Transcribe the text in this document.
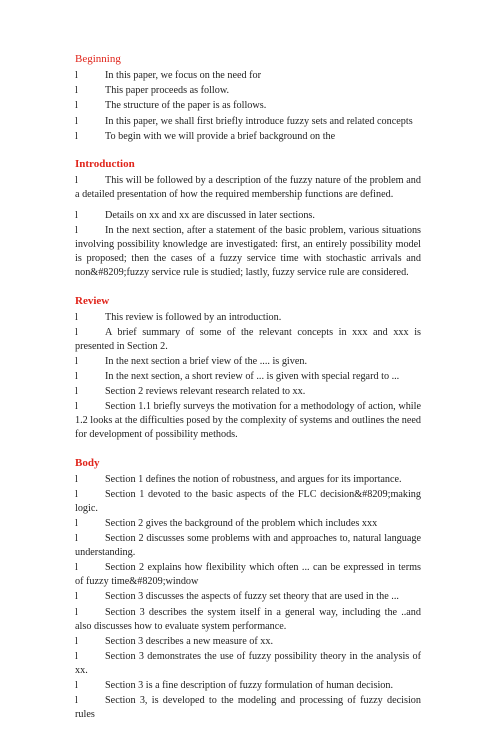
Beginning
l	In this paper, we focus on the need for
l	This paper proceeds as follow.
l	The structure of the paper is as follows.
l	In this paper, we shall first briefly introduce fuzzy sets and related concepts
l	To begin with we will provide a brief background on the
Introduction
l	This will be followed by a description of the fuzzy nature of the problem and a detailed presentation of how the required membership functions are defined.
l	Details on xx and xx are discussed in later sections.
l	In the next section, after a statement of the basic problem, various situations involving possibility knowledge are investigated: first, an entirely possibility model is proposed; then the cases of a fuzzy service time with stochastic arrivals and non&#8209;fuzzy service rule is studied; lastly, fuzzy service rule are considered.
Review
l	This review is followed by an introduction.
l	A brief summary of some of the relevant concepts in xxx and xxx is presented in Section 2.
l	In the next section a brief view of the .... is given.
l	In the next section, a short review of ... is given with special regard to ...
l	Section 2 reviews relevant research related to xx.
l	Section 1.1 briefly surveys the motivation for a methodology of action, while 1.2 looks at the difficulties posed by the complexity of systems and outlines the need for development of possibility methods.
Body
l	Section 1 defines the notion of robustness, and argues for its importance.
l	Section 1 devoted to the basic aspects of the FLC decision&#8209;making logic.
l	Section 2 gives the background of the problem which includes xxx
l	Section 2 discusses some problems with and approaches to, natural language understanding.
l	Section 2 explains how flexibility which often ... can be expressed in terms of fuzzy time&#8209;window
l	Section 3 discusses the aspects of fuzzy set theory that are used in the ...
l	Section 3 describes the system itself in a general way, including the ..and also discusses how to evaluate system performance.
l	Section 3 describes a new measure of xx.
l	Section 3 demonstrates the use of fuzzy possibility theory in the analysis of xx.
l	Section 3 is a fine description of fuzzy formulation of human decision.
l	Section 3, is developed to the modeling and processing of fuzzy decision rules
